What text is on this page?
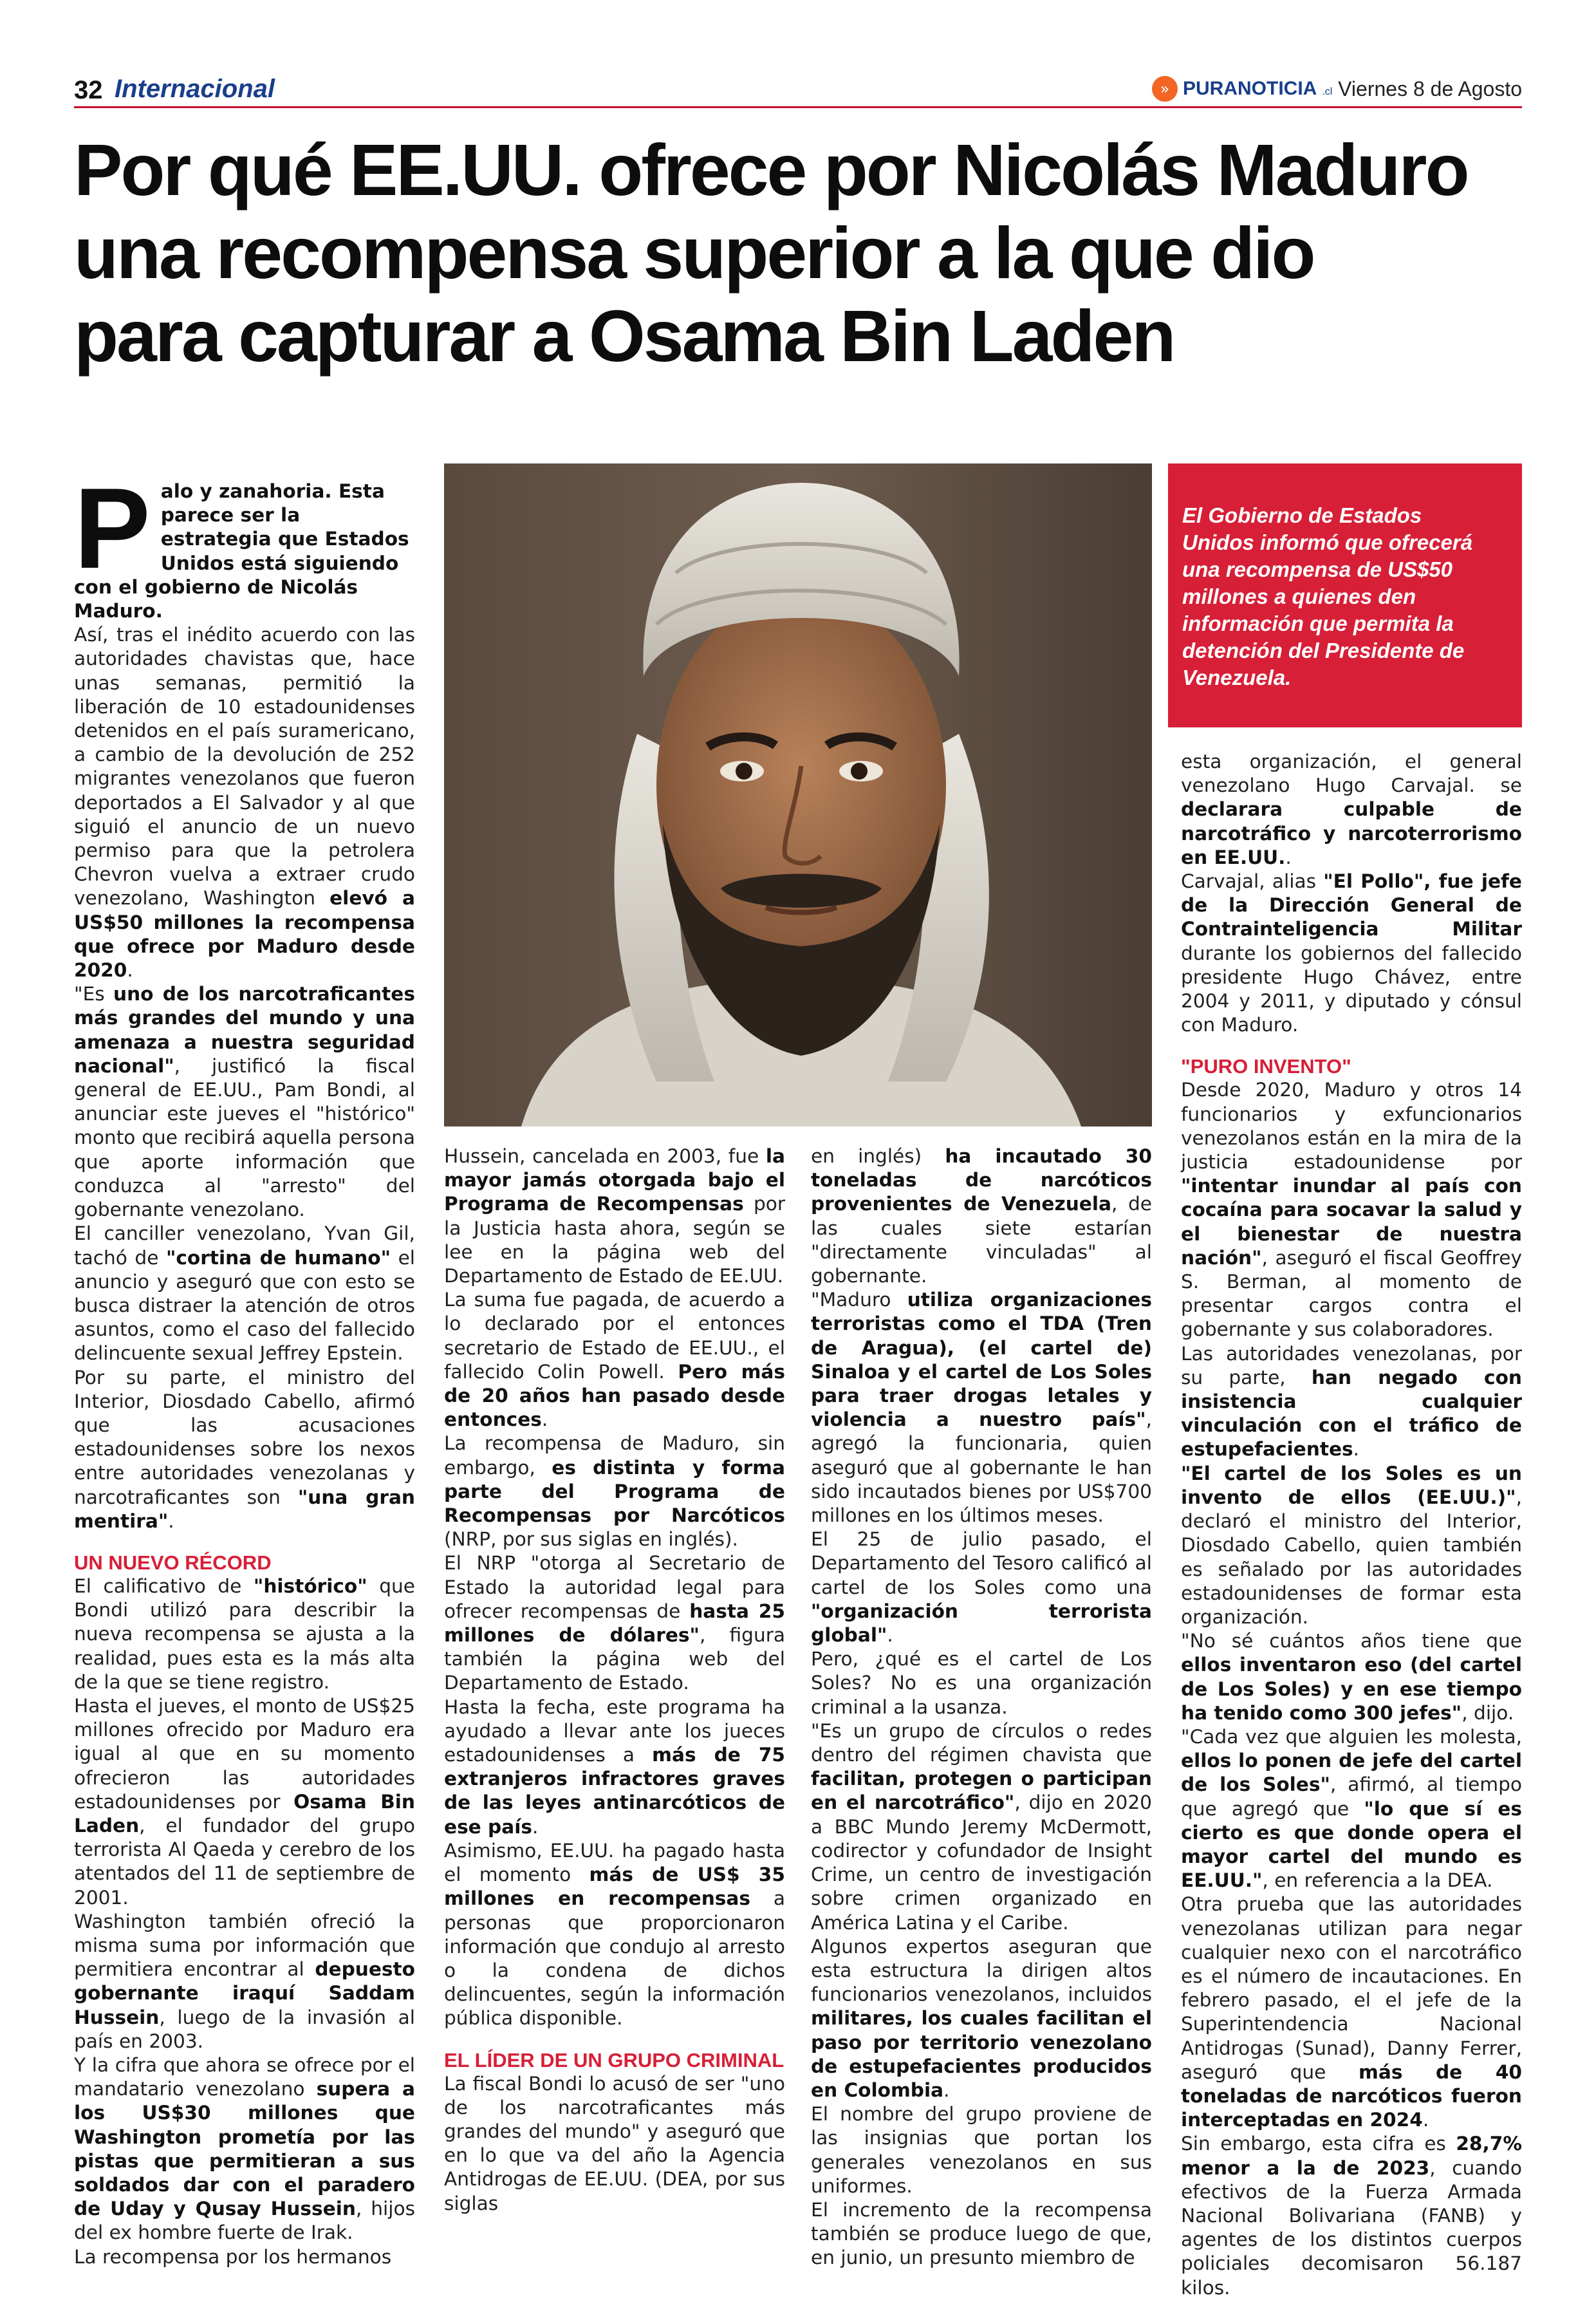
32 Internacional	» PURANOTICIA .cl Viernes 8 de Agosto
Por qué EE.UU. ofrece por Nicolás Maduro una recompensa superior a la que dio para capturar a Osama Bin Laden
El Gobierno de Estados Unidos informó que ofrecerá una recompensa de US$50 millones a quienes den información que permita la detención del Presidente de Venezuela.
P alo y zanahoria. Esta parece ser la estrategia que Estados Unidos está siguiendo con el gobierno de Nicolás Maduro.

Así, tras el inédito acuerdo con las autoridades chavistas que, hace unas semanas, permitió la liberación de 10 estadounidenses detenidos en el país suramericano, a cambio de la devolución de 252 migrantes venezolanos que fueron deportados a El Salvador y al que siguió el anuncio de un nuevo permiso para que la petrolera Chevron vuelva a extraer crudo venezolano, Washington elevó a US$50 millones la recompensa que ofrece por Maduro desde 2020.

"Es uno de los narcotraficantes más grandes del mundo y una amenaza a nuestra seguridad nacional", justificó la fiscal general de EE.UU., Pam Bondi, al anunciar este jueves el "histórico" monto que recibirá aquella persona que aporte información que conduzca al "arresto" del gobernante venezolano.

El canciller venezolano, Yvan Gil, tachó de "cortina de humano" el anuncio y aseguró que con esto se busca distraer la atención de otros asuntos, como el caso del fallecido delincuente sexual Jeffrey Epstein.

Por su parte, el ministro del Interior, Diosdado Cabello, afirmó que las acusaciones estadounidenses sobre los nexos entre autoridades venezolanas y narcotraficantes son "una gran mentira".

UN NUEVO RÉCORD

El calificativo de "histórico" que Bondi utilizó para describir la nueva recompensa se ajusta a la realidad, pues esta es la más alta de la que se tiene registro.

Hasta el jueves, el monto de US$25 millones ofrecido por Maduro era igual al que en su momento ofrecieron las autoridades estadounidenses por Osama Bin Laden, el fundador del grupo terrorista Al Qaeda y cerebro de los atentados del 11 de septiembre de 2001.

Washington también ofreció la misma suma por información que permitiera encontrar al depuesto gobernante iraquí Saddam Hussein, luego de la invasión al país en 2003.

Y la cifra que ahora se ofrece por el mandatario venezolano supera a los US$30 millones que Washington prometía por las pistas que permitieran a sus soldados dar con el paradero de Uday y Qusay Hussein, hijos del ex hombre fuerte de Irak.

La recompensa por los hermanos

Hussein, cancelada en 2003, fue la mayor jamás otorgada bajo el Programa de Recompensas por la Justicia hasta ahora, según se lee en la página web del Departamento de Estado de EE.UU.

La suma fue pagada, de acuerdo a lo declarado por el entonces secretario de Estado de EE.UU., el fallecido Colin Powell. Pero más de 20 años han pasado desde entonces.

La recompensa de Maduro, sin embargo, es distinta y forma parte del Programa de Recompensas por Narcóticos (NRP, por sus siglas en inglés).

El NRP "otorga al Secretario de Estado la autoridad legal para ofrecer recompensas de hasta 25 millones de dólares", figura también la página web del Departamento de Estado.

Hasta la fecha, este programa ha ayudado a llevar ante los jueces estadounidenses a más de 75 extranjeros infractores graves de las leyes antinarcóticos de ese país.

Asimismo, EE.UU. ha pagado hasta el momento más de US$ 35 millones en recompensas a personas que proporcionaron información que condujo al arresto o la condena de dichos delincuentes, según la información pública disponible.

EL LÍDER DE UN GRUPO CRIMINAL

La fiscal Bondi lo acusó de ser "uno de los narcotraficantes más grandes del mundo" y aseguró que en lo que va del año la Agencia Antidrogas de EE.UU. (DEA, por sus siglas

en inglés) ha incautado 30 toneladas de narcóticos provenientes de Venezuela, de las cuales siete estarían "directamente vinculadas" al gobernante.

"Maduro utiliza organizaciones terroristas como el TDA (Tren de Aragua), (el cartel de) Sinaloa y el cartel de Los Soles para traer drogas letales y violencia a nuestro país", agregó la funcionaria, quien aseguró que al gobernante le han sido incautados bienes por US$700 millones en los últimos meses.

El 25 de julio pasado, el Departamento del Tesoro calificó al cartel de los Soles como una "organización terrorista global".

Pero, ¿qué es el cartel de Los Soles? No es una organización criminal a la usanza.

"Es un grupo de círculos o redes dentro del régimen chavista que facilitan, protegen o participan en el narcotráfico", dijo en 2020 a BBC Mundo Jeremy McDermott, codirector y cofundador de Insight Crime, un centro de investigación sobre crimen organizado en América Latina y el Caribe.

Algunos expertos aseguran que esta estructura la dirigen altos funcionarios venezolanos, incluidos militares, los cuales facilitan el paso por territorio venezolano de estupefacientes producidos en Colombia.

El nombre del grupo proviene de las insignias que portan los generales venezolanos en sus uniformes.

El incremento de la recompensa también se produce luego de que, en junio, un presunto miembro de

esta organización, el general venezolano Hugo Carvajal. se declarara culpable de narcotráfico y narcoterrorismo en EE.UU..

Carvajal, alias "El Pollo", fue jefe de la Dirección General de Contrainteligencia Militar durante los gobiernos del fallecido presidente Hugo Chávez, entre 2004 y 2011, y diputado y cónsul con Maduro.

"PURO INVENTO"

Desde 2020, Maduro y otros 14 funcionarios y exfuncionarios venezolanos están en la mira de la justicia estadounidense por "intentar inundar al país con cocaína para socavar la salud y el bienestar de nuestra nación", aseguró el fiscal Geoffrey S. Berman, al momento de presentar cargos contra el gobernante y sus colaboradores.

Las autoridades venezolanas, por su parte, han negado con insistencia cualquier vinculación con el tráfico de estupefacientes.

"El cartel de los Soles es un invento de ellos (EE.UU.)", declaró el ministro del Interior, Diosdado Cabello, quien también es señalado por las autoridades estadounidenses de formar esta organización.

"No sé cuántos años tiene que ellos inventaron eso (del cartel de Los Soles) y en ese tiempo ha tenido como 300 jefes", dijo.

"Cada vez que alguien les molesta, ellos lo ponen de jefe del cartel de los Soles", afirmó, al tiempo que agregó que "lo que sí es cierto es que donde opera el mayor cartel del mundo es EE.UU.", en referencia a la DEA.

Otra prueba que las autoridades venezolanas utilizan para negar cualquier nexo con el narcotráfico es el número de incautaciones. En febrero pasado, el el jefe de la Superintendencia Nacional Antidrogas (Sunad), Danny Ferrer, aseguró que más de 40 toneladas de narcóticos fueron interceptadas en 2024.

Sin embargo, esta cifra es 28,7% menor a la de 2023, cuando efectivos de la Fuerza Armada Nacional Bolivariana (FANB) y agentes de los distintos cuerpos policiales decomisaron 56.187 kilos.
